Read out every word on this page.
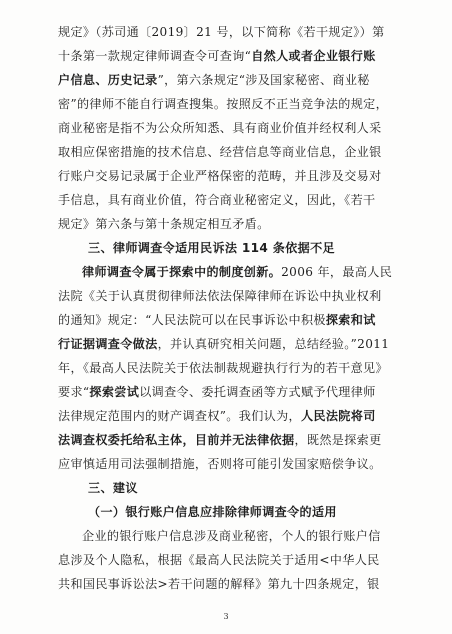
规定》（苏司通〔2019〕21 号，以下简称《若干规定》）第
十条第一款规定律师调查令可查询“自然人或者企业银行账
户信息、历史记录”，第六条规定“涉及国家秘密、商业秘
密”的律师不能自行调查搜集。按照反不正当竞争法的规定，
商业秘密是指不为公众所知悉、具有商业价值并经权利人采
取相应保密措施的技术信息、经营信息等商业信息，企业银
行账户交易记录属于企业严格保密的范畴，并且涉及交易对
手信息，具有商业价值，符合商业秘密定义，因此，《若干
规定》第六条与第十条规定相互矛盾。
三、律师调查令适用民诉法 114 条依据不足
律师调查令属于探索中的制度创新。2006 年，最高人民
法院《关于认真贯彻律师法依法保障律师在诉讼中执业权利
的通知》规定：“人民法院可以在民事诉讼中积极探索和试
行证据调查令做法，并认真研究相关问题，总结经验。”2011
年，《最高人民法院关于依法制裁规避执行行为的若干意见》
要求“探索尝试以调查令、委托调查函等方式赋予代理律师
法律规定范围内的财产调查权”。我们认为，人民法院将司
法调查权委托给私主体，目前并无法律依据，既然是探索更
应审慎适用司法强制措施，否则将可能引发国家赔偿争议。
三、建议
（一）银行账户信息应排除律师调查令的适用
企业的银行账户信息涉及商业秘密，个人的银行账户信
息涉及个人隐私，根据《最高人民法院关于适用<中华人民
共和国民事诉讼法>若干问题的解释》第九十四条规定，银
3
